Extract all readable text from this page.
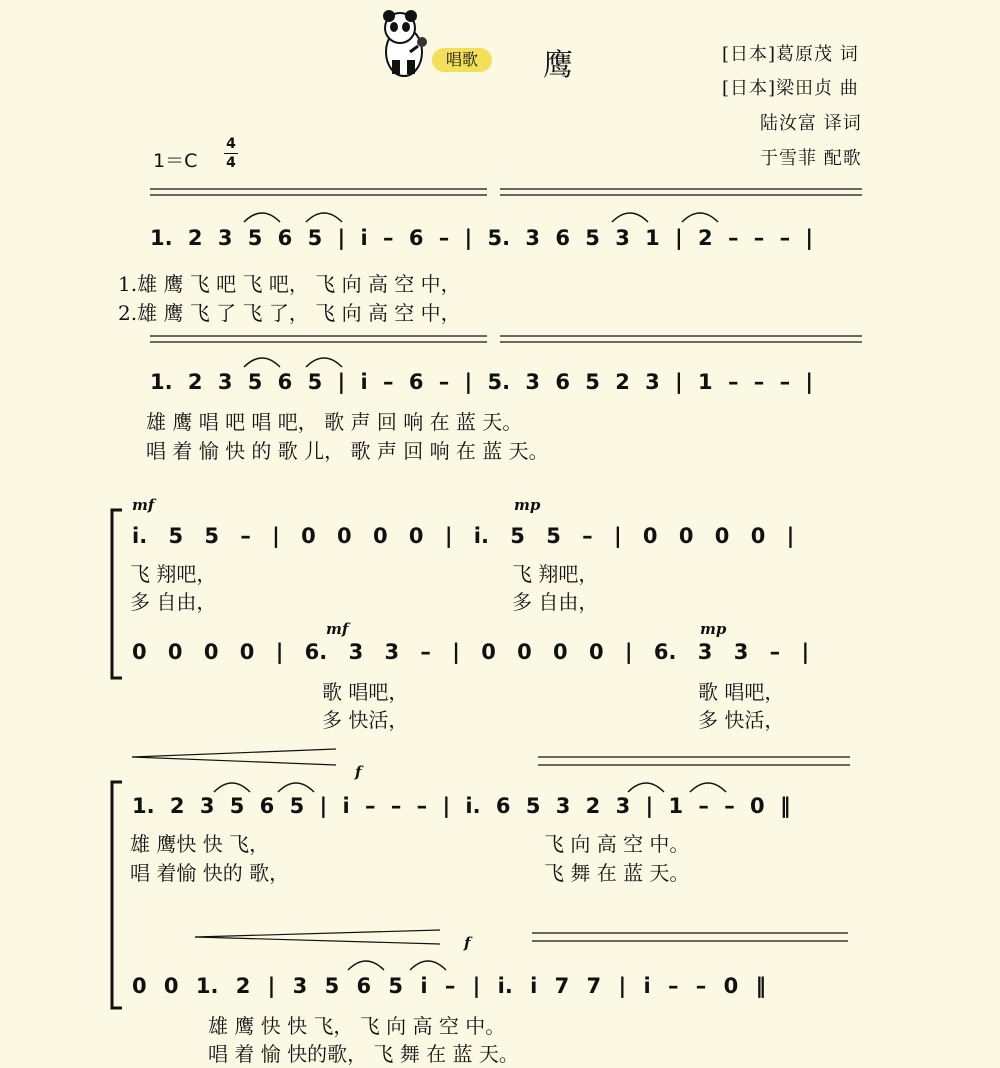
唱歌	鹰	[日本]葛原茂 词
[日本]梁田贞 曲
陆汝富 译词
于雪菲 配歌
1＝C
4
4
1. 2 3 5 6 5 | i – 6 – | 5. 3 6 5 3 1 | 2 – – – |
1.雄 鹰 飞 吧 飞 吧， 飞 向 高 空 中，
2.雄 鹰 飞 了 飞 了， 飞 向 高 空 中，
1. 2 3 5 6 5 | i – 6 – | 5. 3 6 5 2 3 | 1 – – – |
雄 鹰 唱 吧 唱 吧， 歌 声 回 响 在 蓝 天。
唱 着 愉 快 的 歌 儿， 歌 声 回 响 在 蓝 天。
mf	mp
i. 5 5 – | 0 0 0 0 | i. 5 5 – | 0 0 0 0 |
飞 翔吧，
多 自由，
飞 翔吧，
多 自由，
mf	mp
0 0 0 0 | 6. 3 3 – | 0 0 0 0 | 6. 3 3 – |
歌 唱吧，
多 快活，
歌 唱吧，
多 快活，
f
1. 2 3 5 6 5 | i – – – | i. 6 5 3 2 3 | 1 – – 0 ‖
雄 鹰快 快 飞，
唱 着愉 快的 歌，
飞 向 高 空 中。
飞 舞 在 蓝 天。
f
0 0 1. 2 | 3 5 6 5 i – | i. i 7 7 | i – – 0 ‖
雄 鹰 快 快 飞， 飞 向 高 空 中。
唱 着 愉 快的歌， 飞 舞 在 蓝 天。
